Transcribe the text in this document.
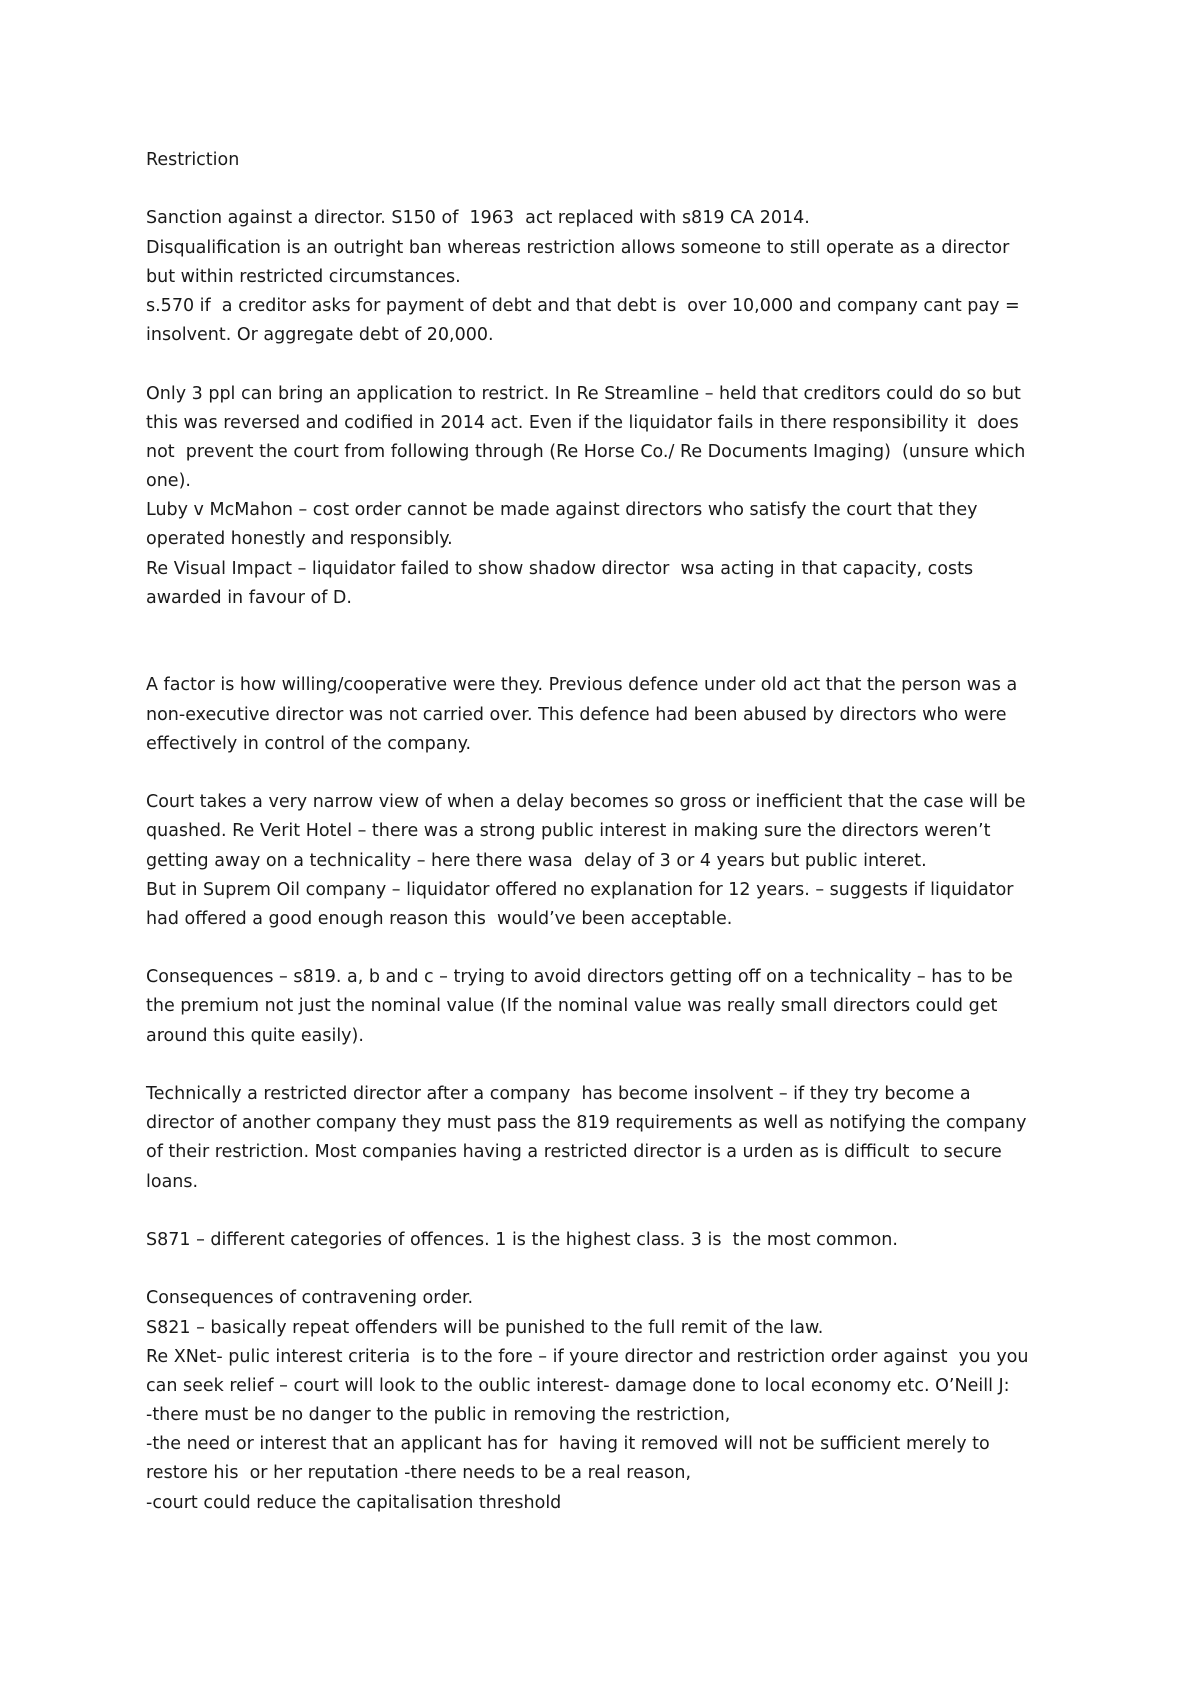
Restriction
Sanction against a director. S150 of  1963  act replaced with s819 CA 2014.
Disqualification is an outright ban whereas restriction allows someone to still operate as a director
but within restricted circumstances.
s.570 if  a creditor asks for payment of debt and that debt is  over 10,000 and company cant pay =
insolvent. Or aggregate debt of 20,000.
Only 3 ppl can bring an application to restrict. In Re Streamline – held that creditors could do so but
this was reversed and codified in 2014 act. Even if the liquidator fails in there responsibility it  does
not  prevent the court from following through (Re Horse Co./ Re Documents Imaging)  (unsure which
one).
Luby v McMahon – cost order cannot be made against directors who satisfy the court that they
operated honestly and responsibly.
Re Visual Impact – liquidator failed to show shadow director  wsa acting in that capacity, costs
awarded in favour of D.
A factor is how willing/cooperative were they. Previous defence under old act that the person was a
non-executive director was not carried over. This defence had been abused by directors who were
effectively in control of the company.
Court takes a very narrow view of when a delay becomes so gross or inefficient that the case will be
quashed. Re Verit Hotel – there was a strong public interest in making sure the directors weren’t
getting away on a technicality – here there wasa  delay of 3 or 4 years but public interet.
But in Suprem Oil company – liquidator offered no explanation for 12 years. – suggests if liquidator
had offered a good enough reason this  would’ve been acceptable.
Consequences – s819. a, b and c – trying to avoid directors getting off on a technicality – has to be
the premium not just the nominal value (If the nominal value was really small directors could get
around this quite easily).
Technically a restricted director after a company  has become insolvent – if they try become a
director of another company they must pass the 819 requirements as well as notifying the company
of their restriction. Most companies having a restricted director is a urden as is difficult  to secure
loans.
S871 – different categories of offences. 1 is the highest class. 3 is  the most common.
Consequences of contravening order.
S821 – basically repeat offenders will be punished to the full remit of the law.
Re XNet- pulic interest criteria  is to the fore – if youre director and restriction order against  you you
can seek relief – court will look to the oublic interest- damage done to local economy etc. O’Neill J:
-there must be no danger to the public in removing the restriction,
-the need or interest that an applicant has for  having it removed will not be sufficient merely to
restore his  or her reputation -there needs to be a real reason,
-court could reduce the capitalisation threshold
